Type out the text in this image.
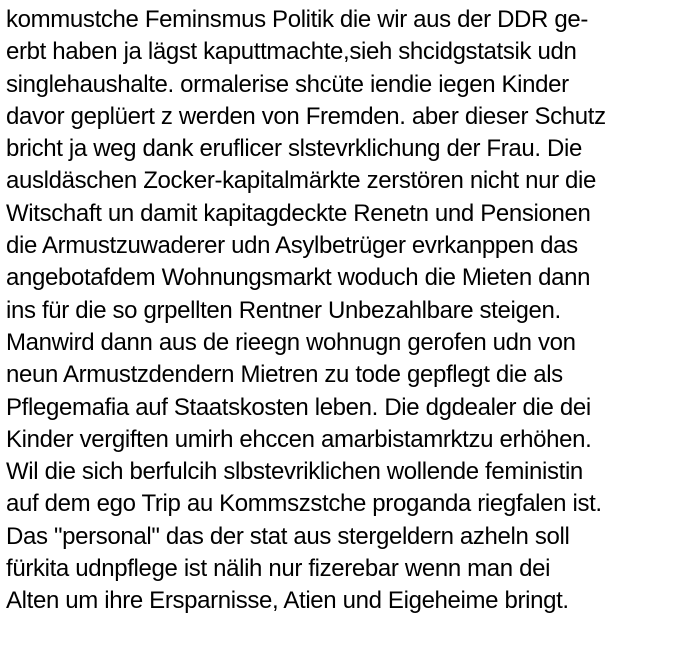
kommustche Feminsmus Politik die wir aus der DDR ge-
erbt haben ja lägst kaputtmachte,sieh shcidgstatsik udn
singlehaushalte. ormalerise shcüte iendie iegen Kinder
davor geplüert z werden von Fremden. aber dieser Schutz
bricht ja weg dank eruflicer slstevrklichung der Frau. Die
ausldäschen Zocker-kapitalmärkte zerstören nicht nur die
Witschaft un damit kapitagdeckte Renetn und Pensionen
die Armustzuwaderer udn Asylbetrüger evrkanppen das
angebotafdem Wohnungsmarkt woduch die Mieten dann
ins für die so grpellten Rentner Unbezahlbare steigen.
Manwird dann aus de rieegn wohnugn gerofen udn von
neun Armustzdendern Mietren zu tode gepflegt die als
Pflegemafia auf Staatskosten leben. Die dgdealer die dei
Kinder vergiften umirh ehccen amarbistamrktzu erhöhen.
Wil die sich berfulcih slbstevriklichen wollende feministin
auf dem ego Trip au Kommszstche proganda riegfalen ist.
Das "personal" das der stat aus stergeldern azheln soll
fürkita udnpflege ist nälih nur fizerebar wenn man dei
Alten um ihre Ersparnisse, Atien und Eigeheime bringt.
